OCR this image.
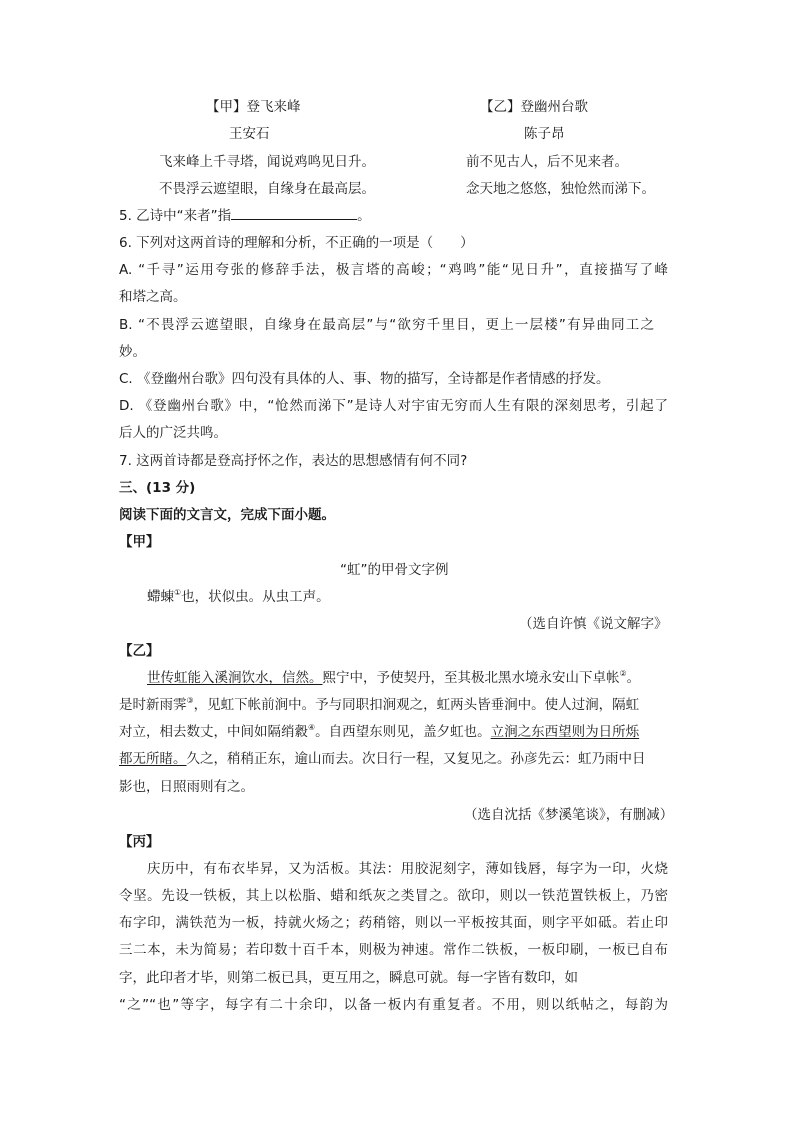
【甲】登飞来峰
王安石
飞来峰上千寻塔，闻说鸡鸣见日升。
不畏浮云遮望眼，自缘身在最高层。
【乙】登幽州台歌
陈子昂
前不见古人，后不见来者。
念天地之悠悠，独怆然而涕下。
5. 乙诗中“来者”指	。
6. 下列对这两首诗的理解和分析，不正确的一项是（　　）
A. “千寻”运用夸张的修辞手法，极言塔的高峻；“鸡鸣”能“见日升”，直接描写了峰
和塔之高。
B. “不畏浮云遮望眼，自缘身在最高层”与“欲穷千里目，更上一层楼”有异曲同工之
妙。
C. 《登幽州台歌》四句没有具体的人、事、物的描写，全诗都是作者情感的抒发。
D. 《登幽州台歌》中，“怆然而涕下”是诗人对宇宙无穷而人生有限的深刻思考，引起了
后人的广泛共鸣。
7. 这两首诗都是登高抒怀之作，表达的思想感情有何不同?
三、(13 分)
阅读下面的文言文，完成下面小题。
【甲】
“虹”的甲骨文字例
螮蝀①也，状似虫。从虫工声。
（选自许慎《说文解字》
【乙】
世传虹能入溪涧饮水，信然。熙宁中，予使契丹，至其极北黑水境永安山下卓帐②。
是时新雨霁③，见虹下帐前涧中。予与同职扣涧观之，虹两头皆垂涧中。使人过涧，隔虹
对立，相去数丈，中间如隔绡縠④。自西望东则见，盖夕虹也。立涧之东西望则为日所烁
都无所睹。久之，稍稍正东，逾山而去。次日行一程，又复见之。孙彦先云：虹乃雨中日
影也，日照雨则有之。
（选自沈括《梦溪笔谈》，有删减）
【丙】
庆历中，有布衣毕昇，又为活板。其法：用胶泥刻字，薄如钱唇，每字为一印，火烧
令坚。先设一铁板，其上以松脂、蜡和纸灰之类冒之。欲印，则以一铁范置铁板上，乃密
布字印，满铁范为一板，持就火炀之；药稍镕，则以一平板按其面，则字平如砥。若止印
三二本，未为简易；若印数十百千本，则极为神速。常作二铁板，一板印刷，一板已自布
字，此印者才毕，则第二板已具，更互用之，瞬息可就。每一字皆有数印，如
“之”“也”等字，每字有二十余印，以备一板内有重复者。不用，则以纸帖之，每韵为
